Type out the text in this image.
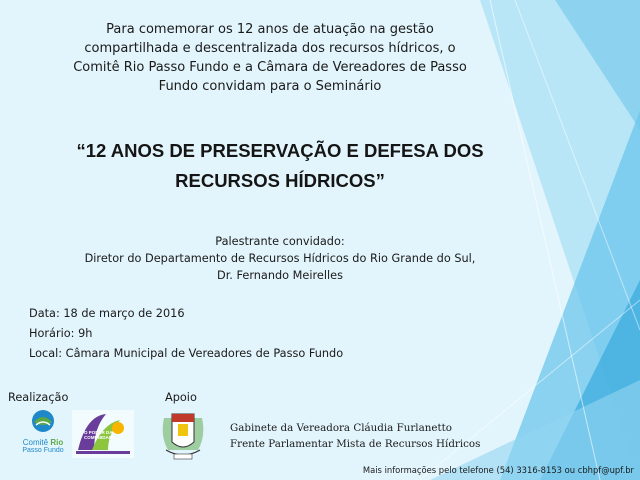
Para comemorar os 12 anos de atuação na gestão
compartilhada e descentralizada dos recursos hídricos, o
Comitê Rio Passo Fundo e a Câmara de Vereadores de Passo
Fundo convidam para o Seminário
“12 ANOS DE PRESERVAÇÃO E DEFESA DOS
RECURSOS HÍDRICOS”
Palestrante convidado:
Diretor do Departamento de Recursos Hídricos do Rio Grande do Sul,
Dr. Fernando Meirelles
Data: 18 de março de 2016
Horário: 9h
Local: Câmara Municipal de Vereadores de Passo Fundo
Realização
Comitê Rio
Passo Fundo
O PODER DA COMUNIDADE
Apoio
Gabinete da Vereadora Cláudia Furlanetto
Frente Parlamentar Mista de Recursos Hídricos
Mais informações pelo telefone (54) 3316-8153 ou cbhpf@upf.br
